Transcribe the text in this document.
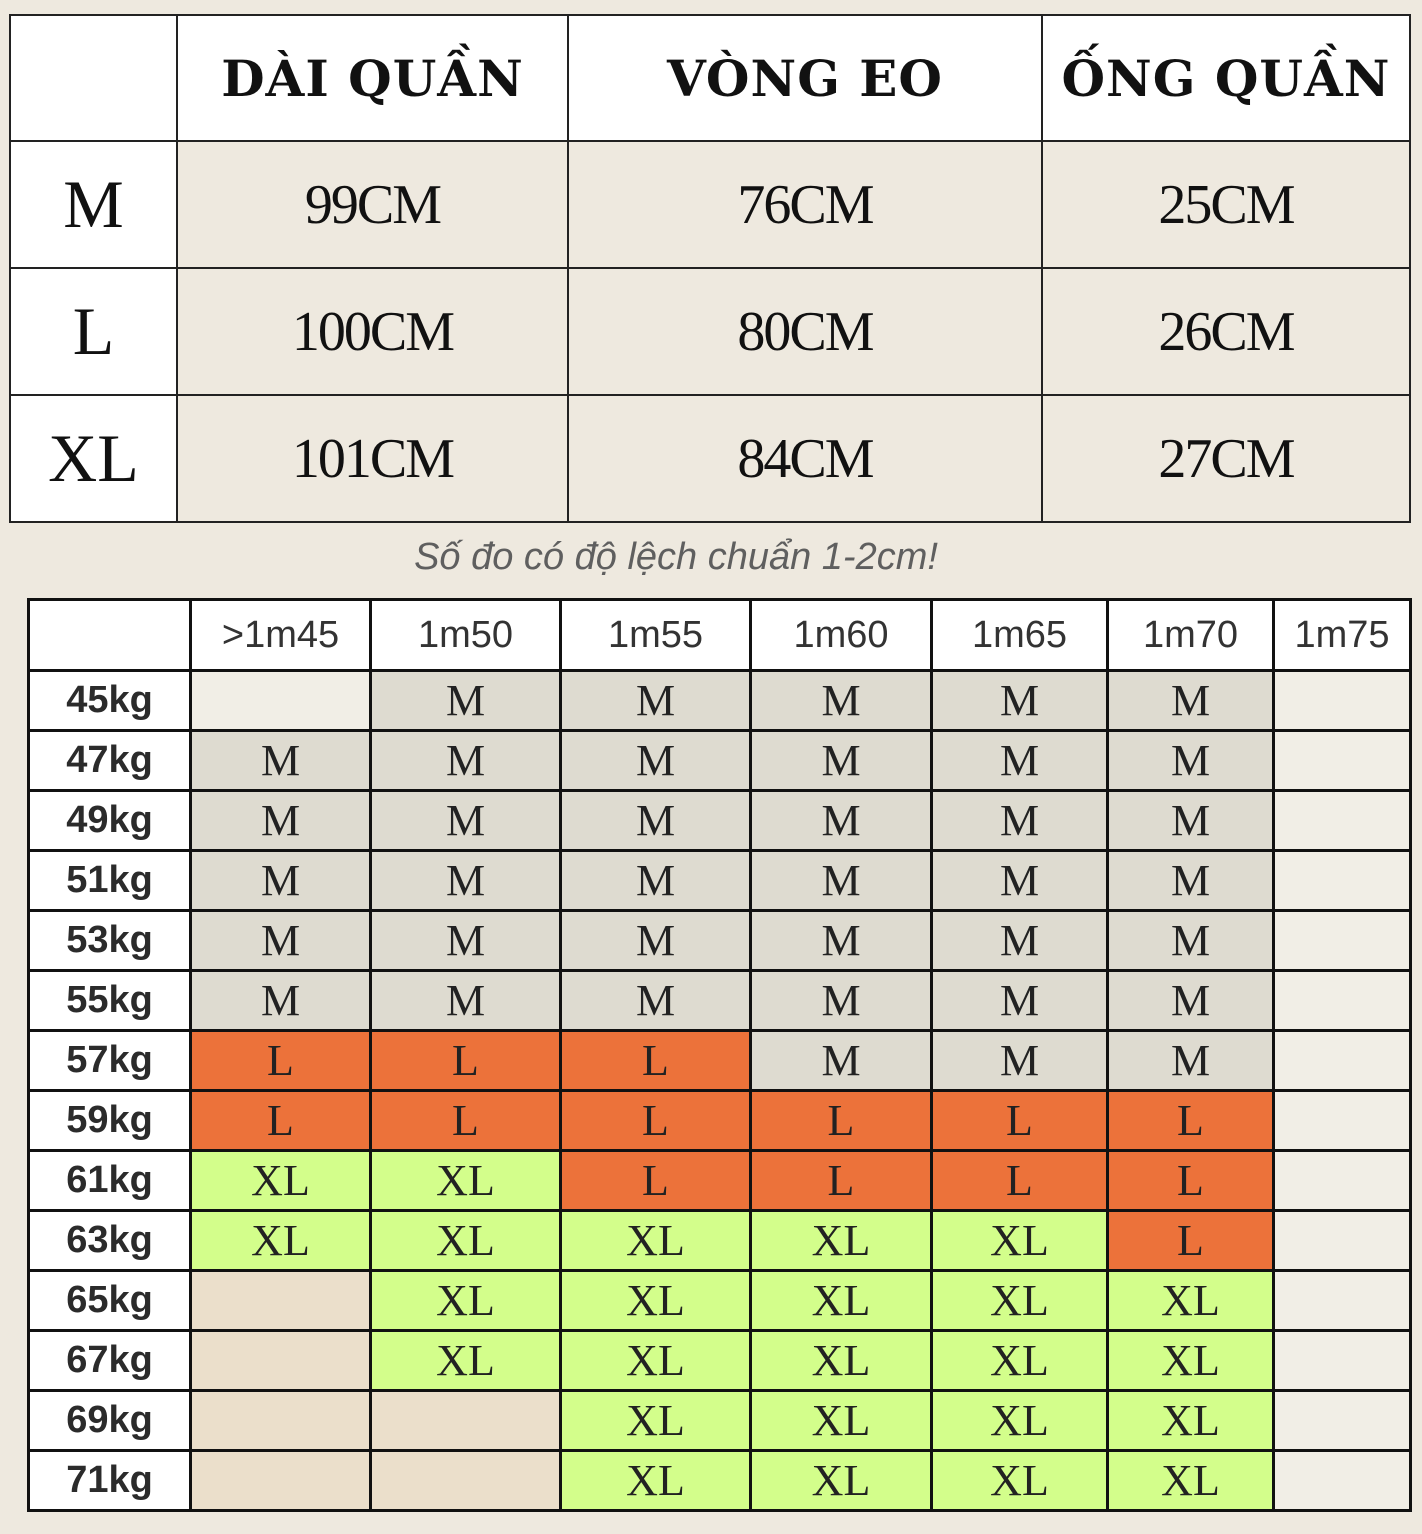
	DÀI QUẦN	VÒNG EO	ỐNG QUẦN
M	99CM	76CM	25CM
L	100CM	80CM	26CM
XL	101CM	84CM	27CM
Số đo có độ lệch chuẩn 1-2cm!
	>1m45	1m50	1m55	1m60	1m65	1m70	1m75
45kg		M	M	M	M	M	
47kg	M	M	M	M	M	M	
49kg	M	M	M	M	M	M	
51kg	M	M	M	M	M	M	
53kg	M	M	M	M	M	M	
55kg	M	M	M	M	M	M	
57kg	L	L	L	M	M	M	
59kg	L	L	L	L	L	L	
61kg	XL	XL	L	L	L	L	
63kg	XL	XL	XL	XL	XL	L	
65kg		XL	XL	XL	XL	XL	
67kg		XL	XL	XL	XL	XL	
69kg			XL	XL	XL	XL	
71kg			XL	XL	XL	XL	
